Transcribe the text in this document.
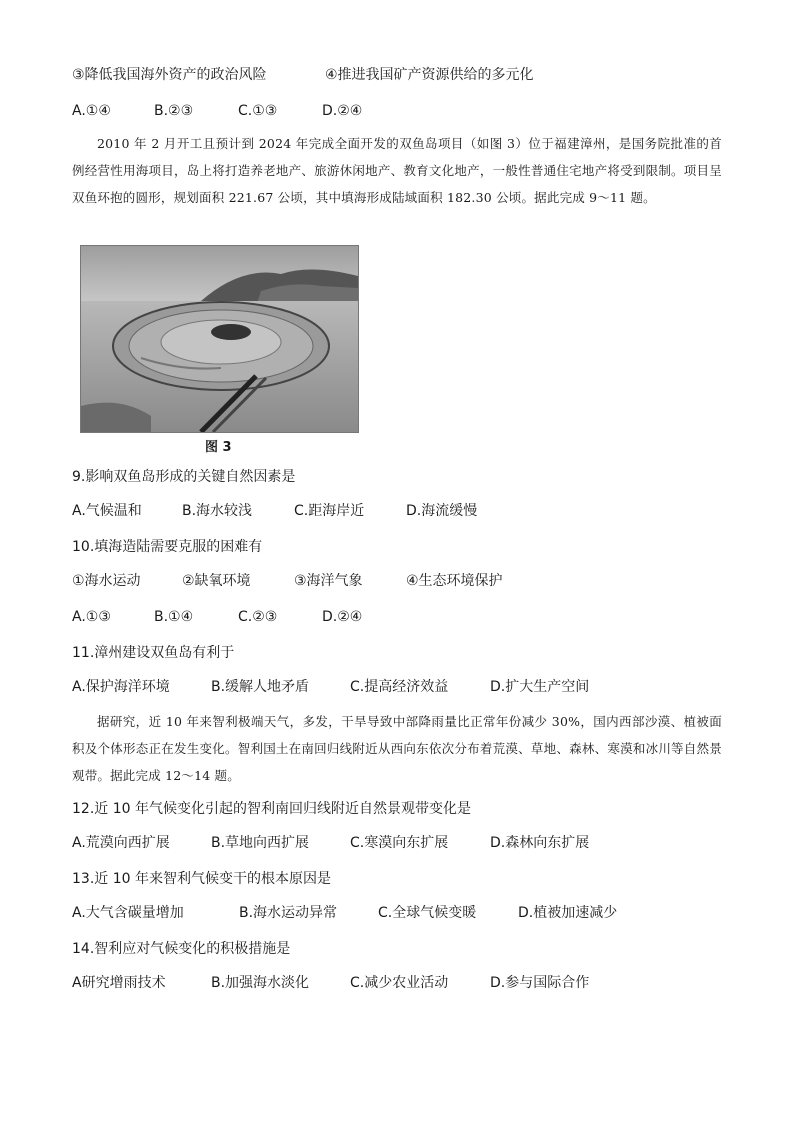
③降低我国海外资产的政治风险	④推进我国矿产资源供给的多元化
A.①④	B.②③	C.①③	D.②④
2010 年 2 月开工且预计到 2024 年完成全面开发的双鱼岛项目（如图 3）位于福建漳州，是国务院批准的首例经营性用海项目，岛上将打造养老地产、旅游休闲地产、教育文化地产，一般性普通住宅地产将受到限制。项目呈双鱼环抱的圆形，规划面积 221.67 公顷，其中填海形成陆域面积 182.30 公顷。据此完成 9～11 题。
图 3
9.影响双鱼岛形成的关键自然因素是
A.气候温和	B.海水较浅	C.距海岸近	D.海流缓慢
10.填海造陆需要克服的困难有
①海水运动	②缺氧环境	③海洋气象	④生态环境保护
A.①③	B.①④	C.②③	D.②④
11.漳州建设双鱼岛有利于
A.保护海洋环境	B.缓解人地矛盾	C.提高经济效益	D.扩大生产空间
据研究，近 10 年来智利极端天气，多发，干旱导致中部降雨量比正常年份减少 30%，国内西部沙漠、植被面积及个体形态正在发生变化。智利国土在南回归线附近从西向东依次分布着荒漠、草地、森林、寒漠和冰川等自然景观带。据此完成 12～14 题。
12.近 10 年气候变化引起的智利南回归线附近自然景观带变化是
A.荒漠向西扩展	B.草地向西扩展	C.寒漠向东扩展	D.森林向东扩展
13.近 10 年来智利气候变干的根本原因是
A.大气含碳量增加	B.海水运动异常	C.全球气候变暖	D.植被加速减少
14.智利应对气候变化的积极措施是
A研究增雨技术	B.加强海水淡化	C.减少农业活动	D.参与国际合作
